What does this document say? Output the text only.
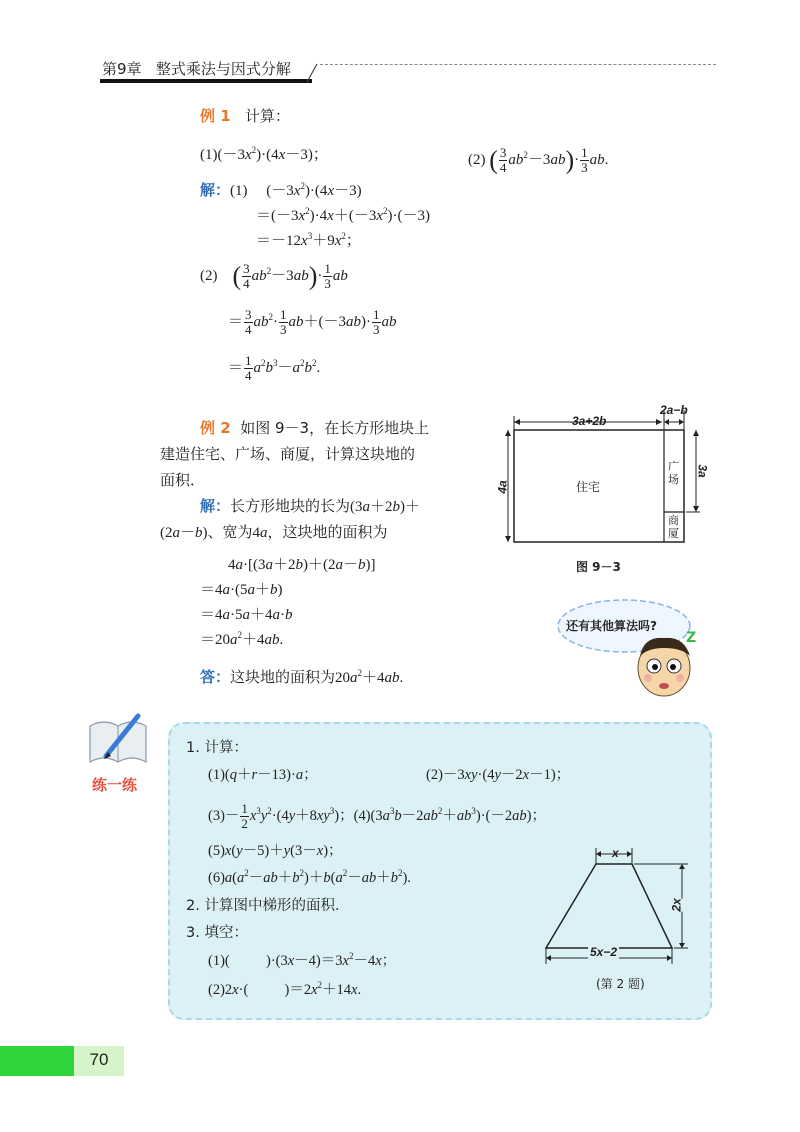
第9章 整式乘法与因式分解
例 1 计算：
$(1)(-3x^2)\cdot(4x-3)$；	(2) ( $\frac{3}{4} ab^2-3ab)\cdot \frac{1}{3}$ ab.
解：(1)     $(-3x^2)\cdot(4x-3)$
$=(-3x^2)\cdot 4x+(-3x^2)\cdot(-3)$
$=-12x^3+9x^2$；
(2) ( $\frac{3}{4} ab^2-3ab)\cdot \frac{1}{3}$ ab
＝ $\frac{3}{4} ab^2\cdot \frac{1}{3} ab+(-3ab)\cdot \frac{1}{3}$ ab
＝ $\frac{1}{4} a^2b^3-a^2b^2$.
例 2 如图 9－3，在长方形地块上
建造住宅、广场、商厦，计算这块地的
面积．
解：长方形地块的长为(3a＋2b)＋
(2a－b)、宽为4a，这块地的面积为
4a·[(3a＋2b)＋(2a－b)]
＝4a·(5a＋b)
＝4a·5a＋4a·b
$=20a^2+4ab$.
答：这块地的面积为$20a^2+4ab$.
3a+2b
2a−b
4a
3a
住宅
广场
商厦
图 9－3
Z
还有其他算法吗?
练一练
1. 计算：
(1)(q＋r－13)·a；	(2)－3xy·(4y－2x－1)；
$(3)- \frac{1}{2} x^3y^2\cdot(4y+8xy^3)$；$(4)(3a^3b-2ab^2+ab^3)\cdot(-2ab)$；
(5)x(y－5)＋y(3－x)；
$(6)a(a^2-ab+b^2)+b(a^2-ab+b^2)$.
2. 计算图中梯形的面积．
3. 填空：
(1)(          )$\cdot(3x-4)=3x^2-4x$；
(2)2x·(          )$=2x^2+14x$.
x
5x−2
2x
(第 2 题)
70
